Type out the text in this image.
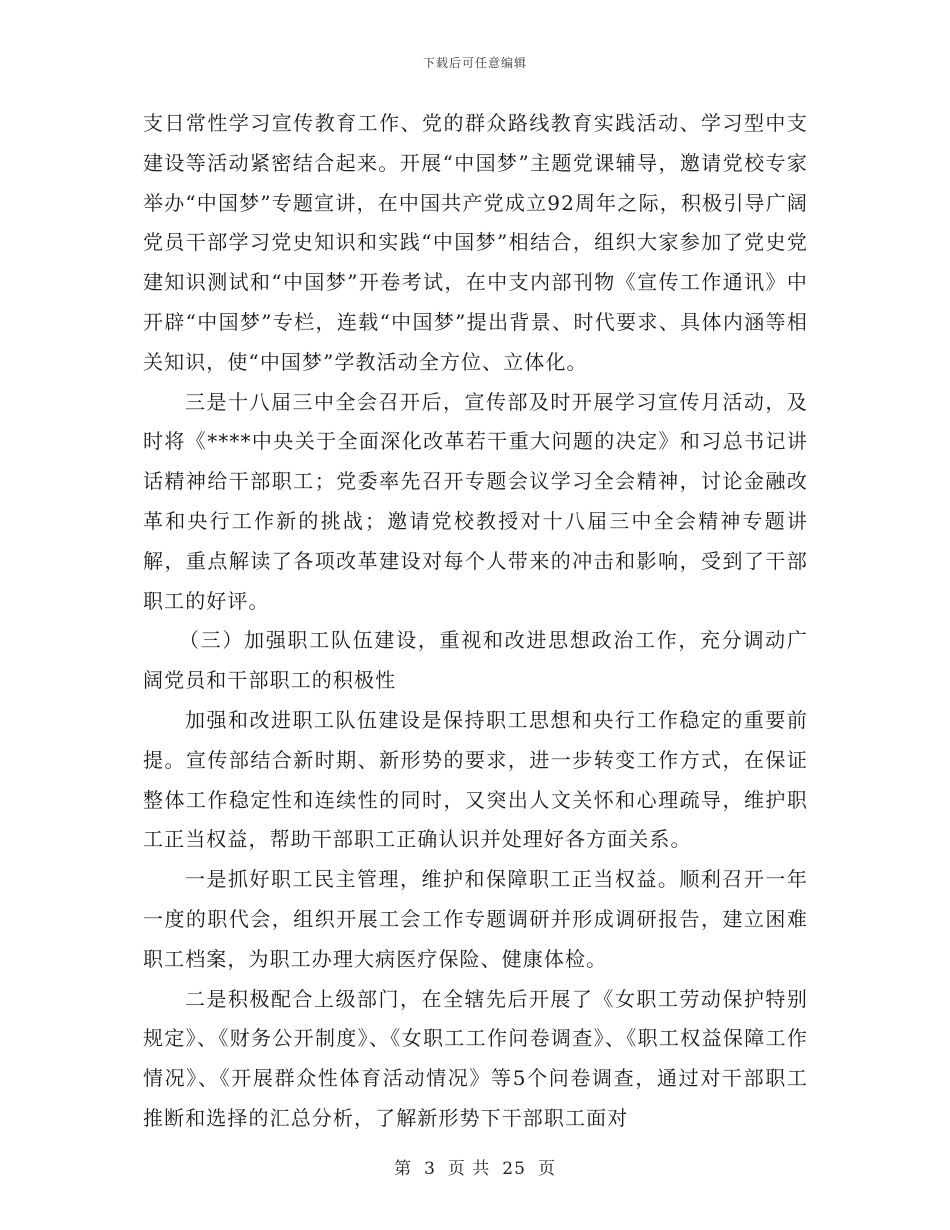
下载后可任意编辑

支日常性学习宣传教育工作、党的群众路线教育实践活动、学习型中支建设等活动紧密结合起来。开展“中国梦”主题党课辅导，邀请党校专家举办“中国梦”专题宣讲，在中国共产党成立92周年之际，积极引导广阔党员干部学习党史知识和实践“中国梦”相结合，组织大家参加了党史党建知识测试和“中国梦”开卷考试，在中支内部刊物《宣传工作通讯》中开辟“中国梦”专栏，连载“中国梦”提出背景、时代要求、具体内涵等相关知识，使“中国梦”学教活动全方位、立体化。

三是十八届三中全会召开后，宣传部及时开展学习宣传月活动，及时将《****中央关于全面深化改革若干重大问题的决定》和习总书记讲话精神给干部职工；党委率先召开专题会议学习全会精神，讨论金融改革和央行工作新的挑战；邀请党校教授对十八届三中全会精神专题讲解，重点解读了各项改革建设对每个人带来的冲击和影响，受到了干部职工的好评。

（三）加强职工队伍建设，重视和改进思想政治工作，充分调动广阔党员和干部职工的积极性

加强和改进职工队伍建设是保持职工思想和央行工作稳定的重要前提。宣传部结合新时期、新形势的要求，进一步转变工作方式，在保证整体工作稳定性和连续性的同时，又突出人文关怀和心理疏导，维护职工正当权益，帮助干部职工正确认识并处理好各方面关系。

一是抓好职工民主管理，维护和保障职工正当权益。顺利召开一年一度的职代会，组织开展工会工作专题调研并形成调研报告，建立困难职工档案，为职工办理大病医疗保险、健康体检。

二是积极配合上级部门，在全辖先后开展了《女职工劳动保护特别规定》、《财务公开制度》、《女职工工作问卷调查》、《职工权益保障工作情况》、《开展群众性体育活动情况》等5个问卷调查，通过对干部职工推断和选择的汇总分析，了解新形势下干部职工面对

第 3 页 共 25 页
